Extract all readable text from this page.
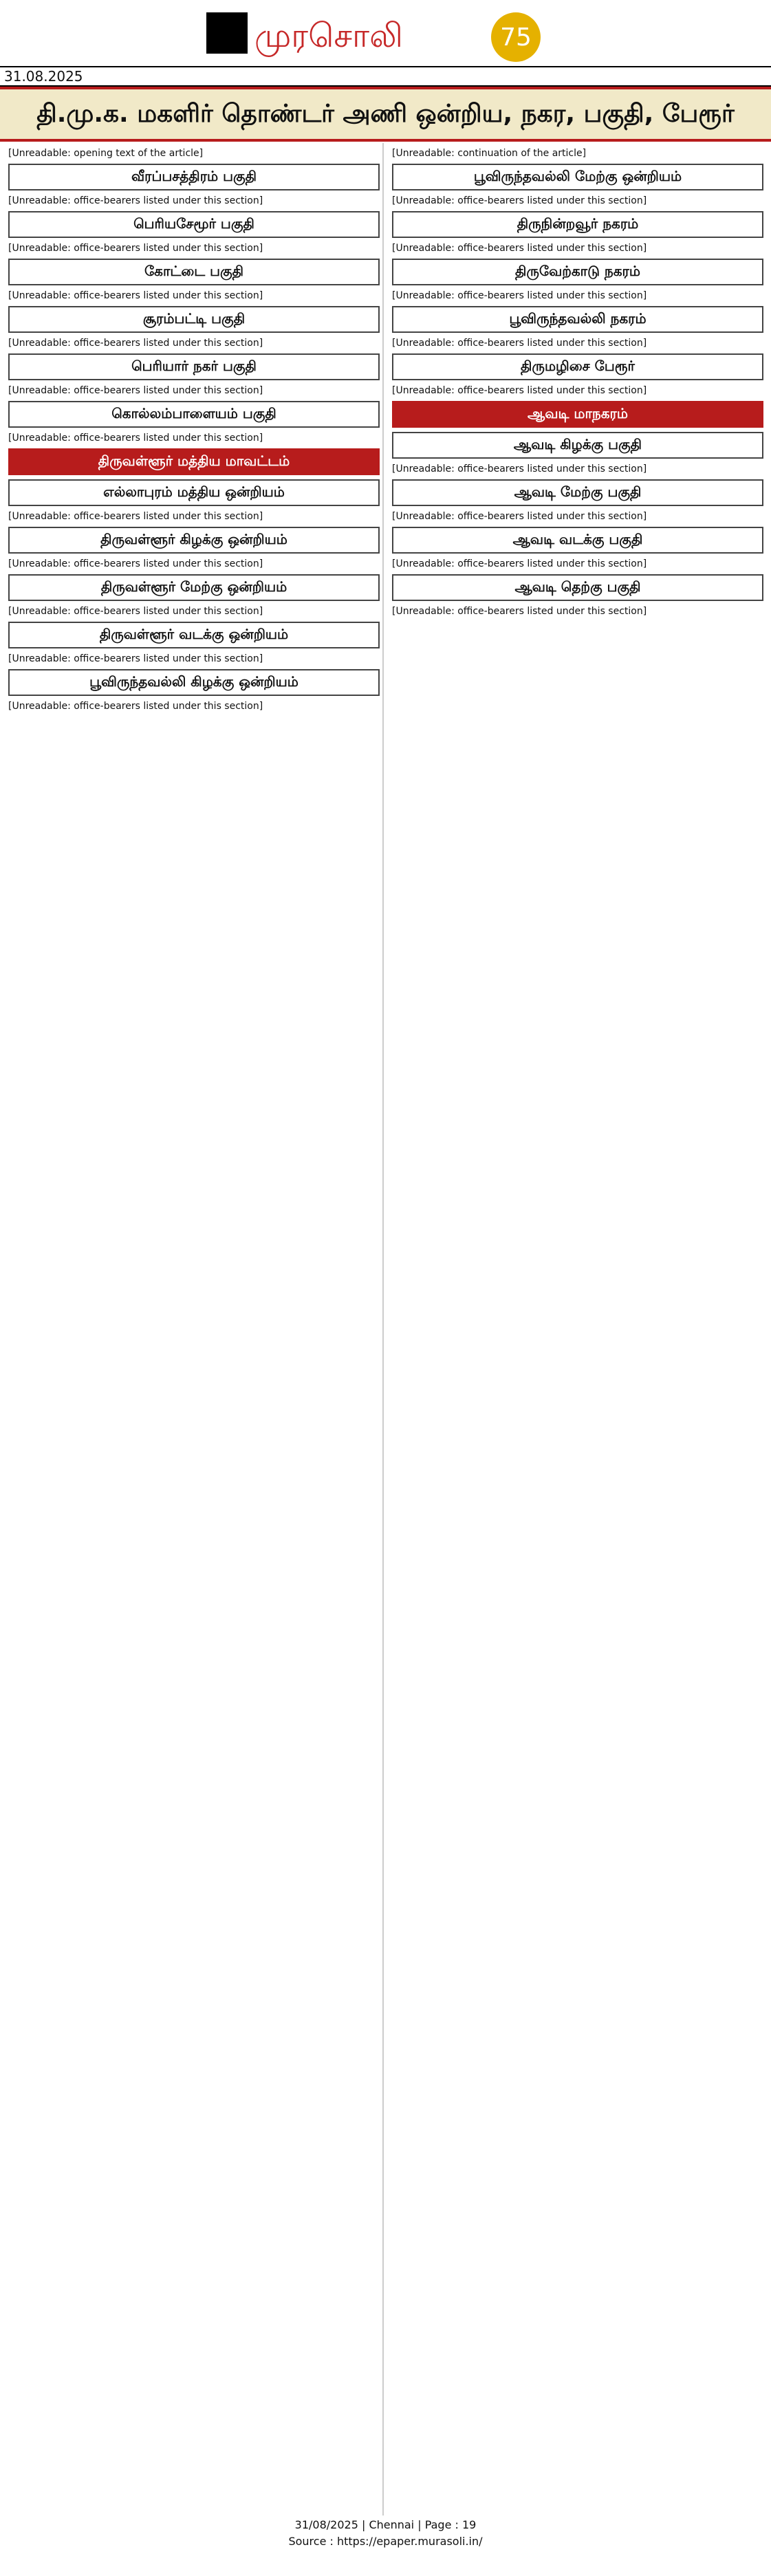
முரசொலி	75
31.08.2025
தி.மு.க. மகளிர் தொண்டர் அணி ஒன்றிய, நகர, பகுதி, பேரூர்
[Unreadable: opening text of the article]
வீரப்பசத்திரம் பகுதி
[Unreadable: office-bearers listed under this section]
பெரியசேமூர் பகுதி
[Unreadable: office-bearers listed under this section]
கோட்டை பகுதி
[Unreadable: office-bearers listed under this section]
சூரம்பட்டி பகுதி
[Unreadable: office-bearers listed under this section]
பெரியார் நகர் பகுதி
[Unreadable: office-bearers listed under this section]
கொல்லம்பாளையம் பகுதி
[Unreadable: office-bearers listed under this section]
திருவள்ளூர் மத்திய மாவட்டம்
எல்லாபுரம் மத்திய ஒன்றியம்
[Unreadable: office-bearers listed under this section]
திருவள்ளூர் கிழக்கு ஒன்றியம்
[Unreadable: office-bearers listed under this section]
திருவள்ளூர் மேற்கு ஒன்றியம்
[Unreadable: office-bearers listed under this section]
திருவள்ளூர் வடக்கு ஒன்றியம்
[Unreadable: office-bearers listed under this section]
பூவிருந்தவல்லி கிழக்கு ஒன்றியம்
[Unreadable: office-bearers listed under this section]
[Unreadable: continuation of the article]
பூவிருந்தவல்லி மேற்கு ஒன்றியம்
[Unreadable: office-bearers listed under this section]
திருநின்றவூர் நகரம்
[Unreadable: office-bearers listed under this section]
திருவேற்காடு நகரம்
[Unreadable: office-bearers listed under this section]
பூவிருந்தவல்லி நகரம்
[Unreadable: office-bearers listed under this section]
திருமழிசை பேரூர்
[Unreadable: office-bearers listed under this section]
ஆவடி மாநகரம்
ஆவடி கிழக்கு பகுதி
[Unreadable: office-bearers listed under this section]
ஆவடி மேற்கு பகுதி
[Unreadable: office-bearers listed under this section]
ஆவடி வடக்கு பகுதி
[Unreadable: office-bearers listed under this section]
ஆவடி தெற்கு பகுதி
[Unreadable: office-bearers listed under this section]
31/08/2025 | Chennai | Page : 19
Source : https://epaper.murasoli.in/
